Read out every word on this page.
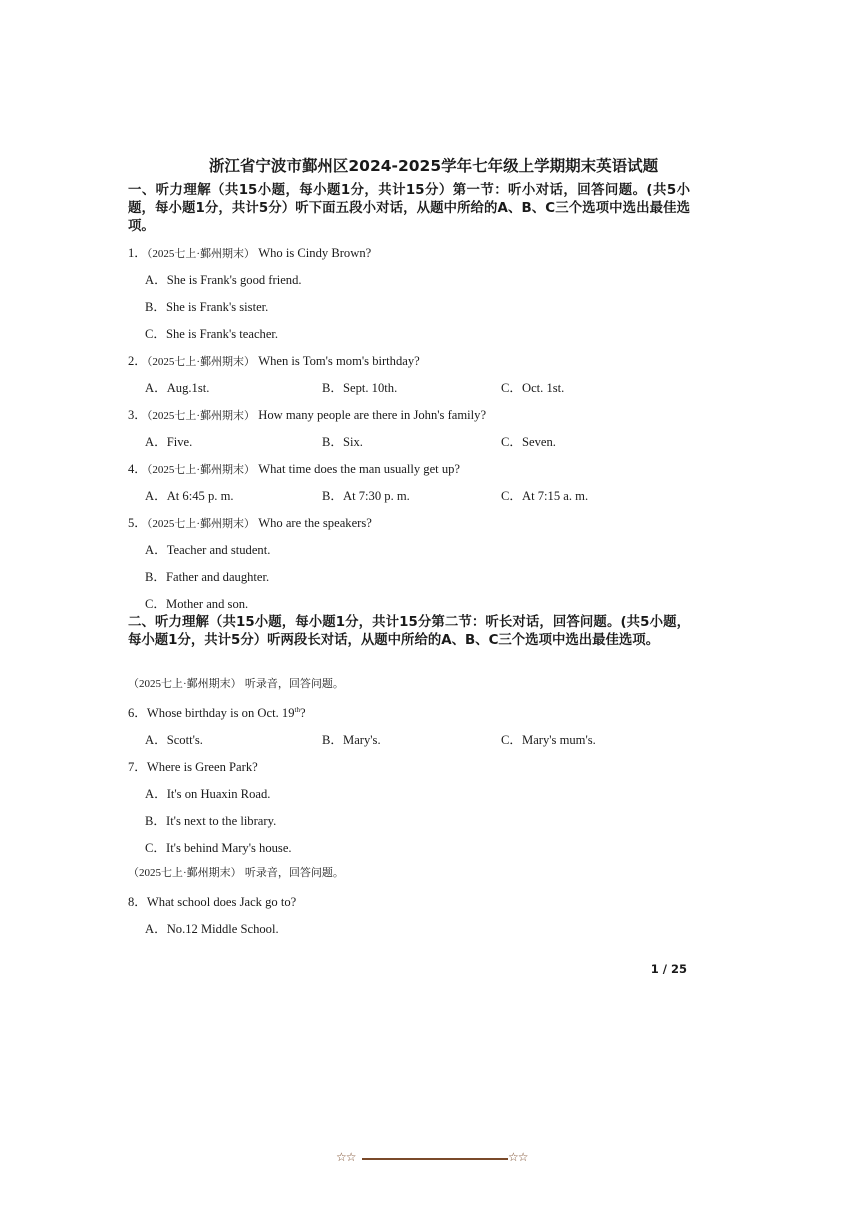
浙江省宁波市鄞州区2024-2025学年七年级上学期期末英语试题
一、听力理解（共15小题，每小题1分，共计15分）第一节：听小对话，回答问题。(共5小题，每小题1分，共计5分）听下面五段小对话，从题中所给的A、B、C三个选项中选出最佳选项。
1．（2025七上·鄞州期末） Who is Cindy Brown?
A．She is Frank's good friend.
B．She is Frank's sister.
C．She is Frank's teacher.
2．（2025七上·鄞州期末） When is Tom's mom's birthday?
A．Aug.1st.	B．Sept. 10th.	C．Oct. 1st.
3．（2025七上·鄞州期末） How many people are there in John's family?
A．Five.	B．Six.	C．Seven.
4．（2025七上·鄞州期末） What time does the man usually get up?
A．At 6:45 p. m.	B．At 7:30 p. m.	C．At 7:15 a. m.
5．（2025七上·鄞州期末） Who are the speakers?
A．Teacher and student.
B．Father and daughter.
C．Mother and son.
二、听力理解（共15小题，每小题1分，共计15分第二节：听长对话，回答问题。(共5小题，每小题1分，共计5分）听两段长对话，从题中所给的A、B、C三个选项中选出最佳选项。
（2025七上·鄞州期末） 听录音，回答问题。
6．Whose birthday is on Oct. 19th?
A．Scott's.	B．Mary's.	C．Mary's mum's.
7．Where is Green Park?
A．It's on Huaxin Road.
B．It's next to the library.
C．It's behind Mary's house.
（2025七上·鄞州期末） 听录音，回答问题。
8．What school does Jack go to?
A．No.12 Middle School.
1 / 25
☆☆	☆☆
